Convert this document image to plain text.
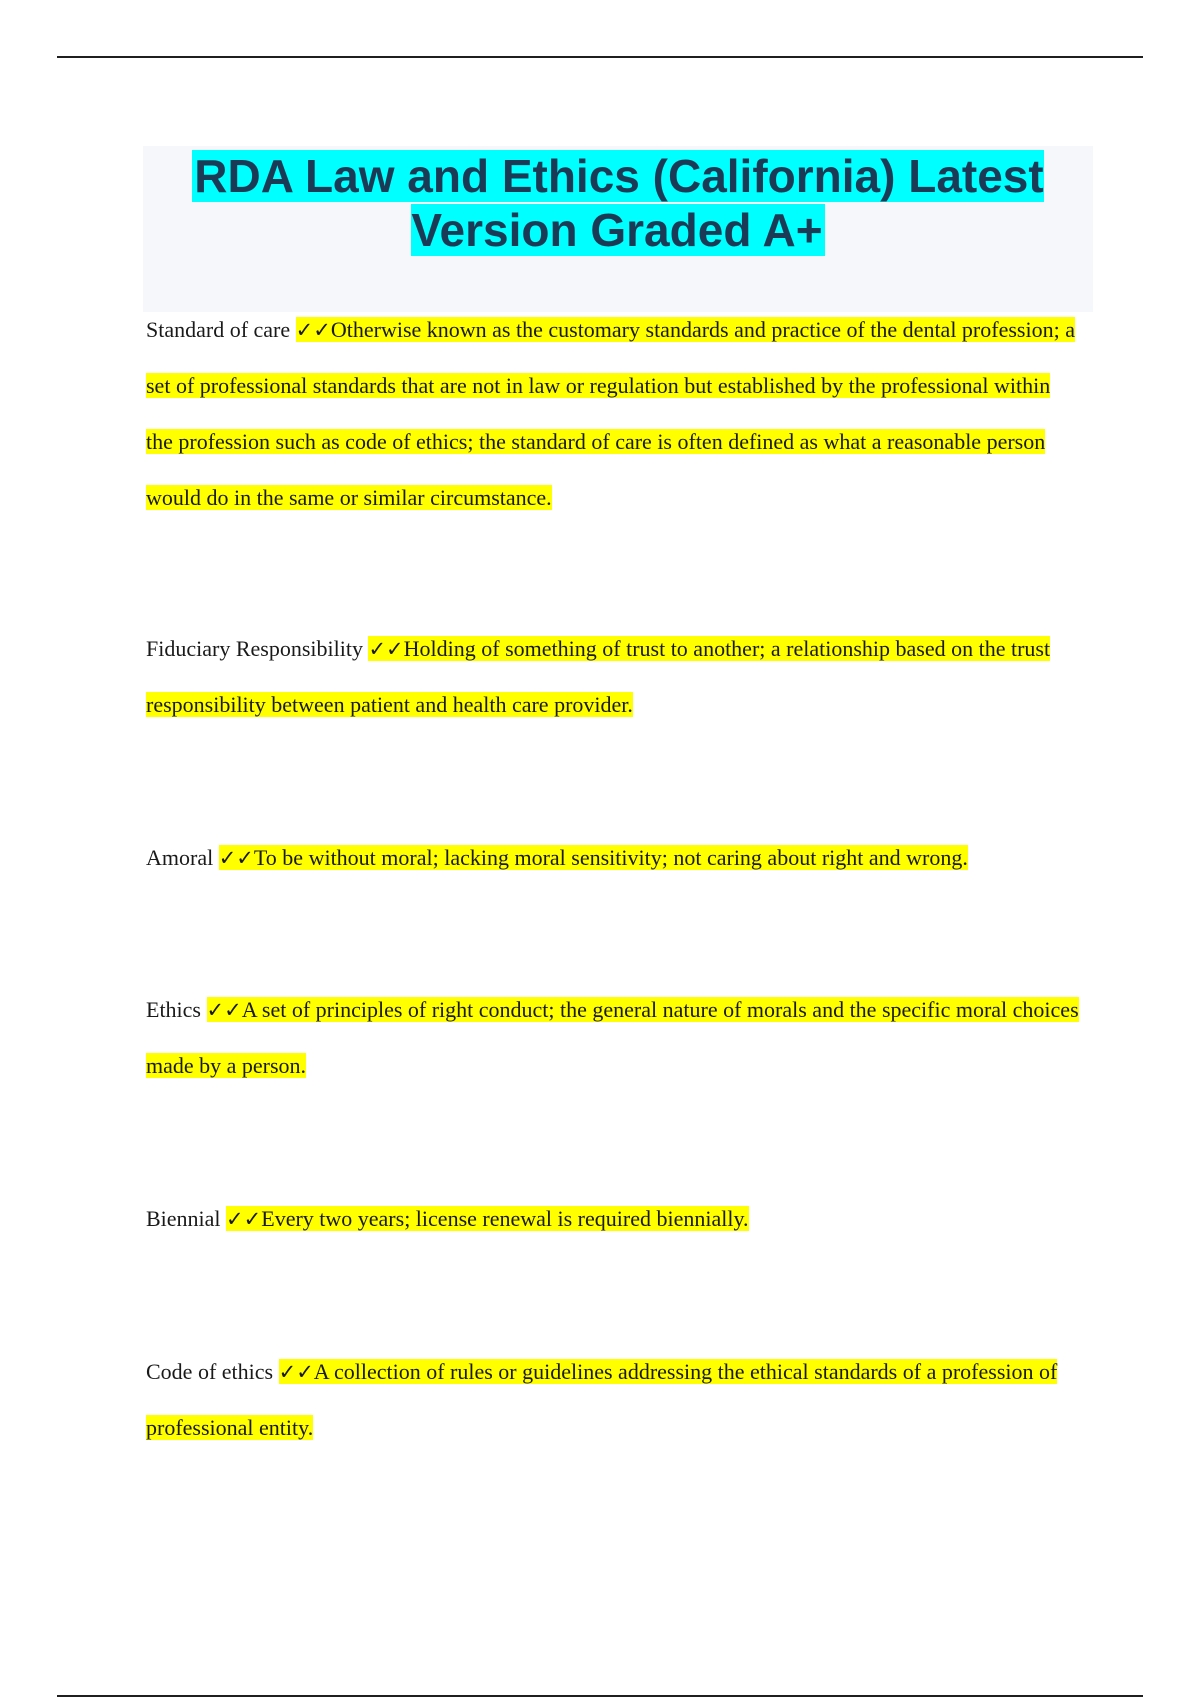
RDA Law and Ethics (California) Latest Version Graded A+

Standard of care ✓✓Otherwise known as the customary standards and practice of the dental profession; a set of professional standards that are not in law or regulation but established by the professional within the profession such as code of ethics; the standard of care is often defined as what a reasonable person would do in the same or similar circumstance.

Fiduciary Responsibility ✓✓Holding of something of trust to another; a relationship based on the trust responsibility between patient and health care provider.

Amoral ✓✓To be without moral; lacking moral sensitivity; not caring about right and wrong.

Ethics ✓✓A set of principles of right conduct; the general nature of morals and the specific moral choices made by a person.

Biennial ✓✓Every two years; license renewal is required biennially.

Code of ethics ✓✓A collection of rules or guidelines addressing the ethical standards of a profession of professional entity.
